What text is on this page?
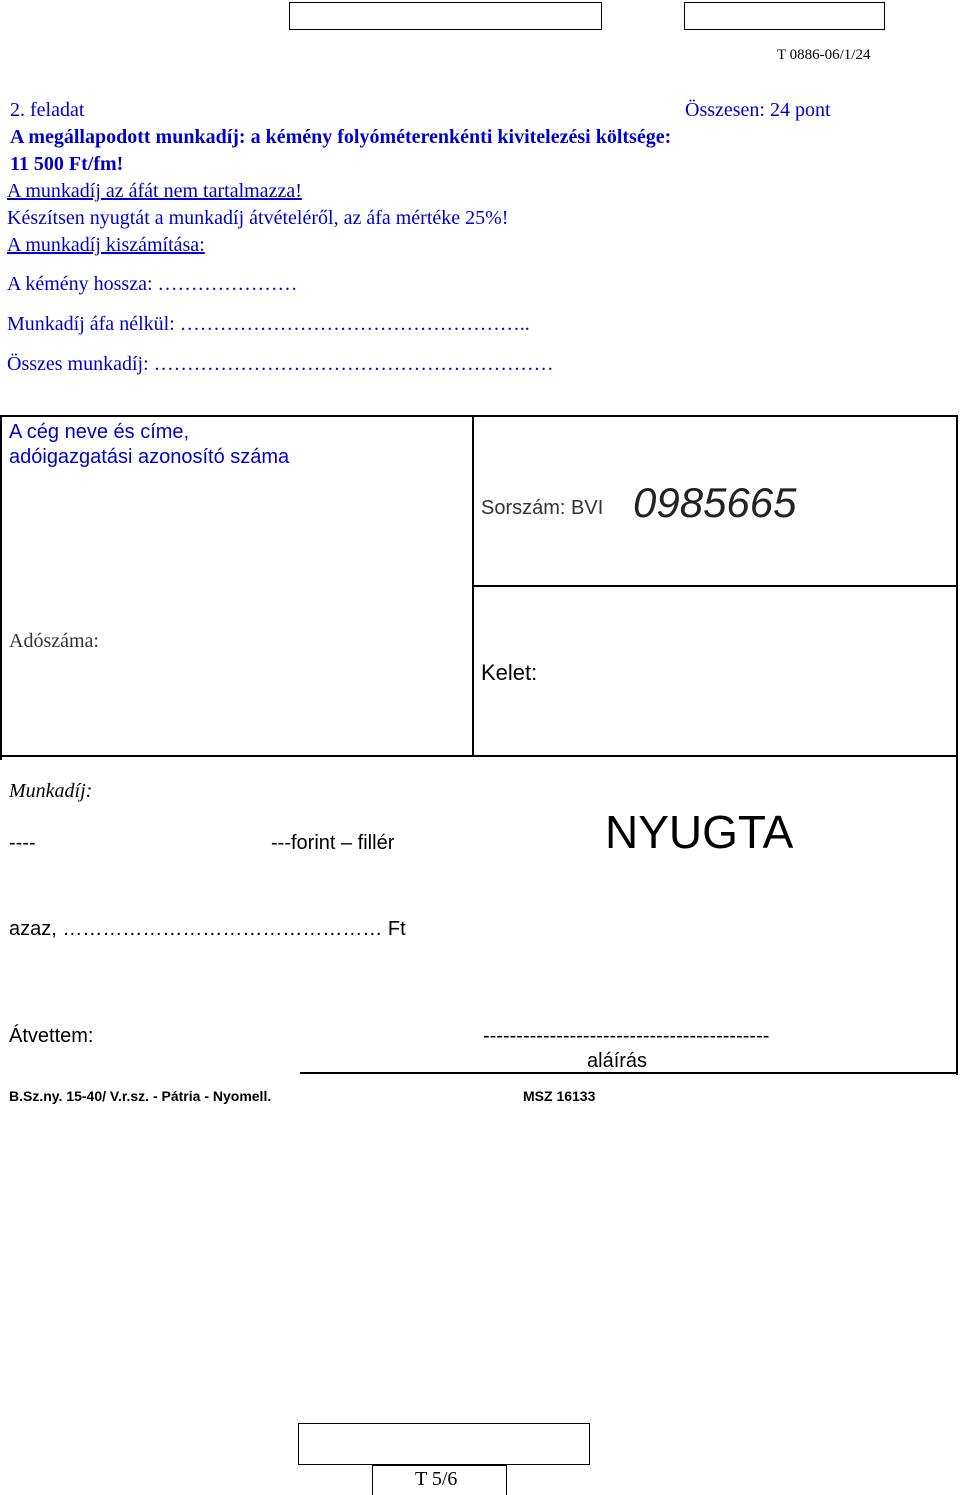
T 0886-06/1/24
2. feladat	Összesen: 24 pont
A megállapodott munkadíj: a kémény folyóméterenkénti kivitelezési költsége:
11 500 Ft/fm!
A munkadíj az áfát nem tartalmazza!
Készítsen nyugtát a munkadíj átvételéről, az áfa mértéke 25%!
A munkadíj kiszámítása:
A kémény hossza: …………………
Munkadíj áfa nélkül: ……………………………………………..
Összes munkadíj: ……………………………………………………
A cég neve és címe,
adóigazgatási azonosító száma
Sorszám: BVI 0985665
Adószáma:
Kelet:
Munkadíj:
----	---forint – fillér	NYUGTA
azaz, ………………………………………… Ft
Átvettem:	-------------------------------------------
aláírás
B.Sz.ny. 15-40/ V.r.sz. - Pátria - Nyomell.	MSZ 16133
T 5/6
